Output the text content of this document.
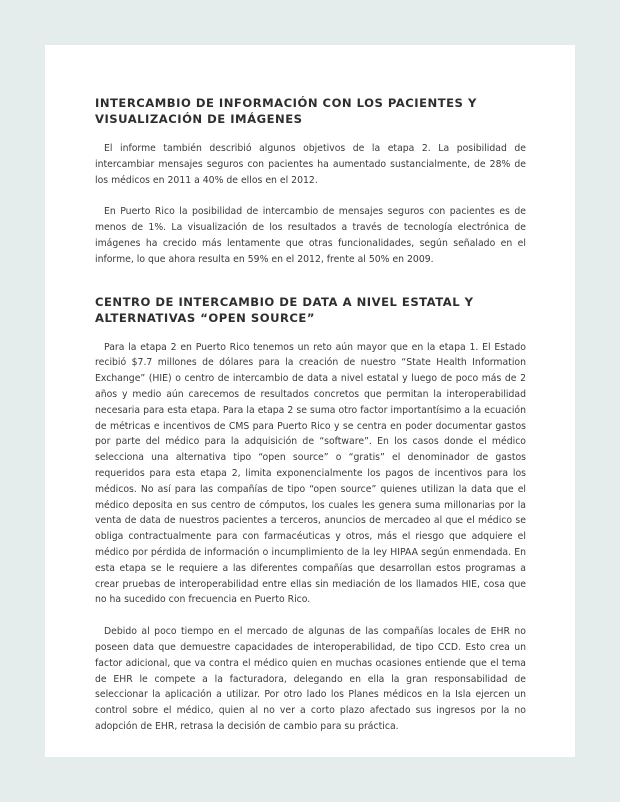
INTERCAMBIO DE INFORMACIÓN CON LOS PACIENTES Y
VISUALIZACIÓN DE IMÁGENES

El informe también describió algunos objetivos de la etapa 2. La posibilidad de intercambiar mensajes seguros con pacientes ha aumentado sustancialmente, de 28% de los médicos en 2011 a 40% de ellos en el 2012.

En Puerto Rico la posibilidad de intercambio de mensajes seguros con pacientes es de menos de 1%. La visualización de los resultados a través de tecnología electrónica de imágenes ha crecido más lentamente que otras funcionalidades, según señalado en el informe, lo que ahora resulta en 59% en el 2012, frente al 50% en 2009.

CENTRO DE INTERCAMBIO DE DATA A NIVEL ESTATAL Y
ALTERNATIVAS “OPEN SOURCE”

Para la etapa 2 en Puerto Rico tenemos un reto aún mayor que en la etapa 1. El Estado recibió $7.7 millones de dólares para la creación de nuestro “State Health Information Exchange” (HIE) o centro de intercambio de data a nivel estatal y luego de poco más de 2 años y medio aún carecemos de resultados concretos que permitan la interoperabilidad necesaria para esta etapa. Para la etapa 2 se suma otro factor importantísimo a la ecuación de métricas e incentivos de CMS para Puerto Rico y se centra en poder documentar gastos por parte del médico para la adquisición de “software”. En los casos donde el médico selecciona una alternativa tipo “open source” o “gratis” el denominador de gastos requeridos para esta etapa 2, limita exponencialmente los pagos de incentivos para los médicos. No así para las compañías de tipo “open source” quienes utilizan la data que el médico deposita en sus centro de cómputos, los cuales les genera suma millonarias por la venta de data de nuestros pacientes a terceros, anuncios de mercadeo al que el médico se obliga contractualmente para con farmacéuticas y otros, más el riesgo que adquiere el médico por pérdida de información o incumplimiento de la ley HIPAA según enmendada. En esta etapa se le requiere a las diferentes compañías que desarrollan estos programas a crear pruebas de interoperabilidad entre ellas sin mediación de los llamados HIE, cosa que no ha sucedido con frecuencia en Puerto Rico.

Debido al poco tiempo en el mercado de algunas de las compañías locales de EHR no poseen data que demuestre capacidades de interoperabilidad, de tipo CCD. Esto crea un factor adicional, que va contra el médico quien en muchas ocasiones entiende que el tema de EHR le compete a la facturadora, delegando en ella la gran responsabilidad de seleccionar la aplicación a utilizar. Por otro lado los Planes médicos en la Isla ejercen un control sobre el médico, quien al no ver a corto plazo afectado sus ingresos por la no adopción de EHR, retrasa la decisión de cambio para su práctica.
